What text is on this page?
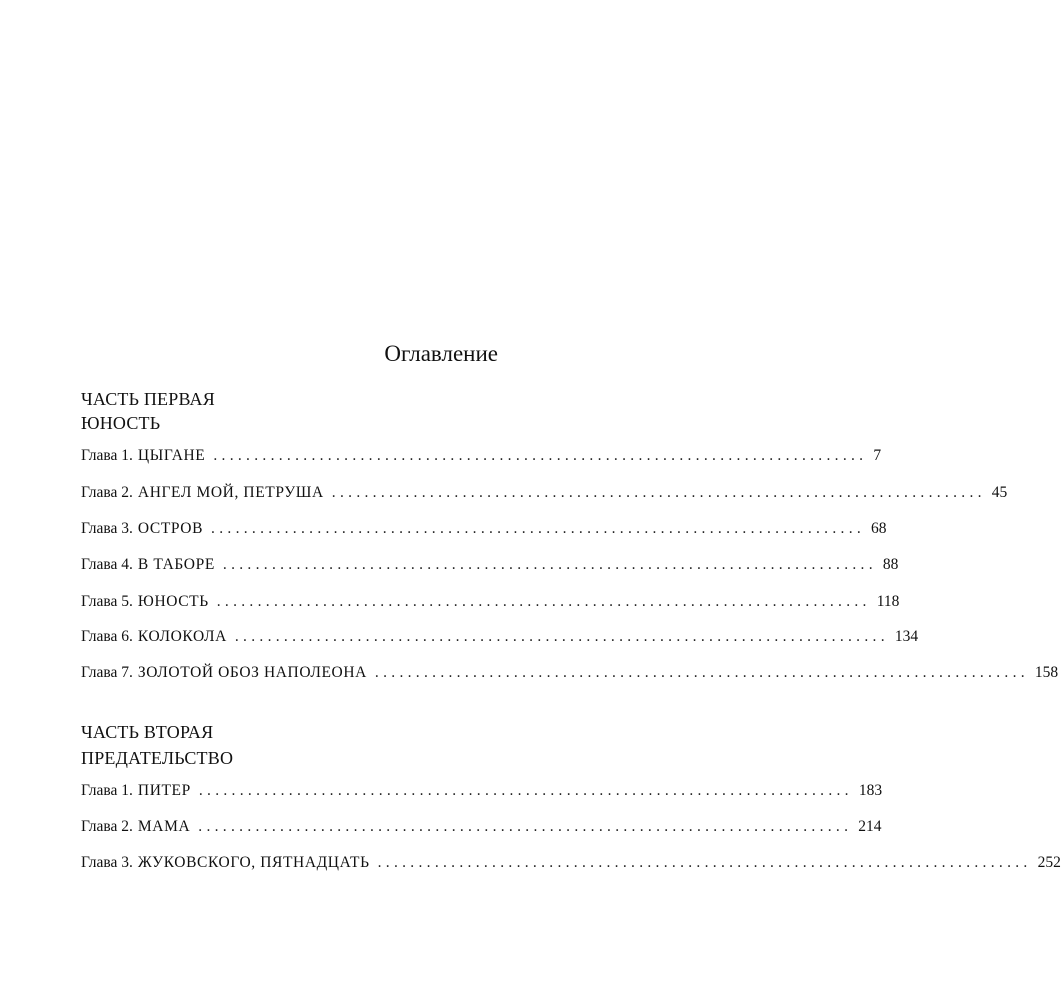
Оглавление
ЧАСТЬ ПЕРВАЯ
ЮНОСТЬ
Глава 1. ЦЫГАНЕ ................................................................................ 7
Глава 2. АНГЕЛ МОЙ, ПЕТРУША ................................................................................ 45
Глава 3. ОСТРОВ ................................................................................ 68
Глава 4. В ТАБОРЕ ................................................................................ 88
Глава 5. ЮНОСТЬ ................................................................................ 118
Глава 6. КОЛОКОЛА ................................................................................ 134
Глава 7. ЗОЛОТОЙ ОБОЗ НАПОЛЕОНА ................................................................................ 158
ЧАСТЬ ВТОРАЯ
ПРЕДАТЕЛЬСТВО
Глава 1. ПИТЕР ................................................................................ 183
Глава 2. МАМА ................................................................................ 214
Глава 3. ЖУКОВСКОГО, ПЯТНАДЦАТЬ ................................................................................ 252
